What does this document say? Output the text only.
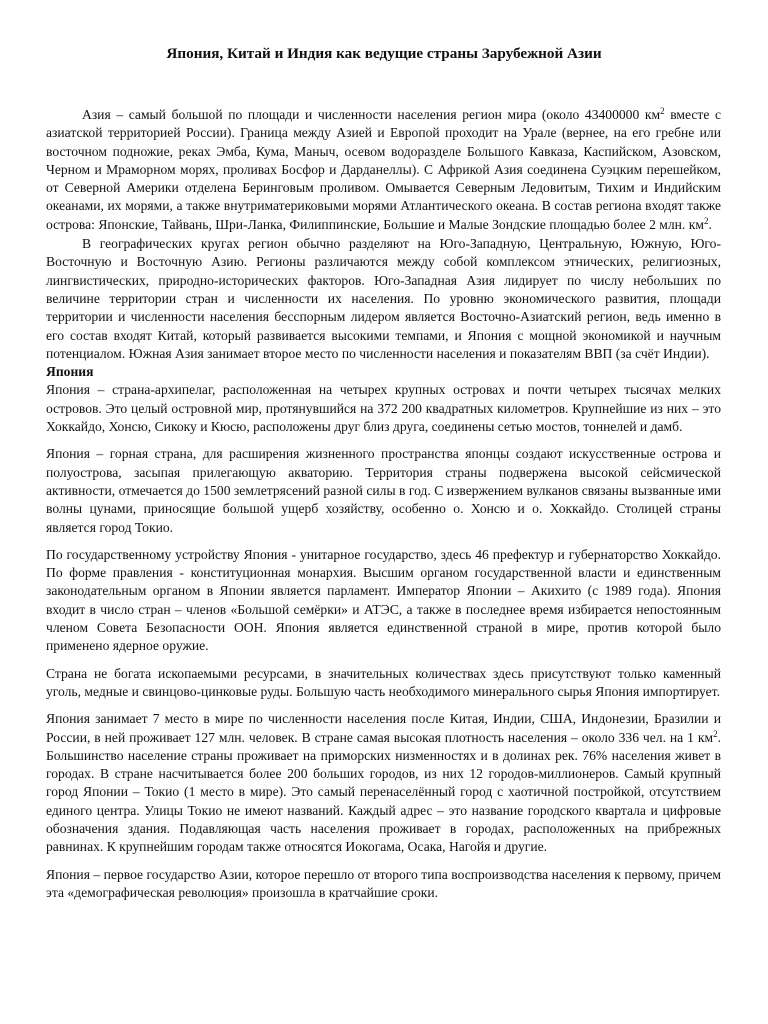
Япония, Китай и Индия как ведущие страны Зарубежной Азии

Азия – самый большой по площади и численности населения регион мира (около 43400000 $км^2$ вместе с азиатской территорией России). Граница между Азией и Европой проходит на Урале (вернее, на его гребне или восточном подножие, реках Эмба, Кума, Маныч, осевом водоразделе Большого Кавказа, Каспийском, Азовском, Черном и Мраморном морях, проливах Босфор и Дарданеллы). С Африкой Азия соединена Суэцким перешейком, от Северной Америки отделена Беринговым проливом. Омывается Северным Ледовитым, Тихим и Индийским океанами, их морями, а также внутриматериковыми морями Атлантического океана. В состав региона входят также острова: Японские, Тайвань, Шри-Ланка, Филиппинские, Большие и Малые Зондские площадью более 2 млн. $км^2$.

В географических кругах регион обычно разделяют на Юго-Западную, Центральную, Южную, Юго-Восточную и Восточную Азию. Регионы различаются между собой комплексом этнических, религиозных, лингвистических, природно-исторических факторов. Юго-Западная Азия лидирует по числу небольших по величине территории стран и численности их населения. По уровню экономического развития, площади территории и численности населения бесспорным лидером является Восточно-Азиатский регион, ведь именно в его состав входят Китай, который развивается высокими темпами, и Япония с мощной экономикой и научным потенциалом. Южная Азия занимает второе место по численности населения и показателям ВВП (за счёт Индии).

Япония

Япония – страна-архипелаг, расположенная на четырех крупных островах и почти четырех тысячах мелких островов. Это целый островной мир, протянувшийся на 372 200 квадратных километров. Крупнейшие из них – это Хоккайдо, Хонсю, Сикоку и Кюсю, расположены друг близ друга, соединены сетью мостов, тоннелей и дамб.

Япония – горная страна, для расширения жизненного пространства японцы создают искусственные острова и полуострова, засыпая прилегающую акваторию. Территория страны подвержена высокой сейсмической активности, отмечается до 1500 землетрясений разной силы в год. С извержением вулканов связаны вызванные ими волны цунами, приносящие большой ущерб хозяйству, особенно о. Хонсю и о. Хоккайдо. Столицей страны является город Токио.

По государственному устройству Япония - унитарное государство, здесь 46 префектур и губернаторство Хоккайдо. По форме правления - конституционная монархия. Высшим органом государственной власти и единственным законодательным органом в Японии является парламент. Император Японии – Акихито (с 1989 года). Япония входит в число стран – членов «Большой семёрки» и АТЭС, а также в последнее время избирается непостоянным членом Совета Безопасности ООН. Япония является единственной страной в мире, против которой было применено ядерное оружие.

Страна не богата ископаемыми ресурсами, в значительных количествах здесь присутствуют только каменный уголь, медные и свинцово-цинковые руды. Большую часть необходимого минерального сырья Япония импортирует.

Япония занимает 7 место в мире по численности населения после Китая, Индии, США, Индонезии, Бразилии и России, в ней проживает 127 млн. человек. В стране самая высокая плотность населения – около 336 чел. на 1 $км^2$. Большинство население страны проживает на приморских низменностях и в долинах рек. 76% населения живет в городах. В стране насчитывается более 200 больших городов, из них 12 городов-миллионеров. Самый крупный город Японии – Токио (1 место в мире). Это самый перенаселённый город с хаотичной постройкой, отсутствием единого центра. Улицы Токио не имеют названий. Каждый адрес – это название городского квартала и цифровые обозначения здания. Подавляющая часть населения проживает в городах, расположенных на прибрежных равнинах. К крупнейшим городам также относятся Иокогама, Осака, Нагойя и другие.

Япония – первое государство Азии, которое перешло от второго типа воспроизводства населения к первому, причем эта «демографическая революция» произошла в кратчайшие сроки.
